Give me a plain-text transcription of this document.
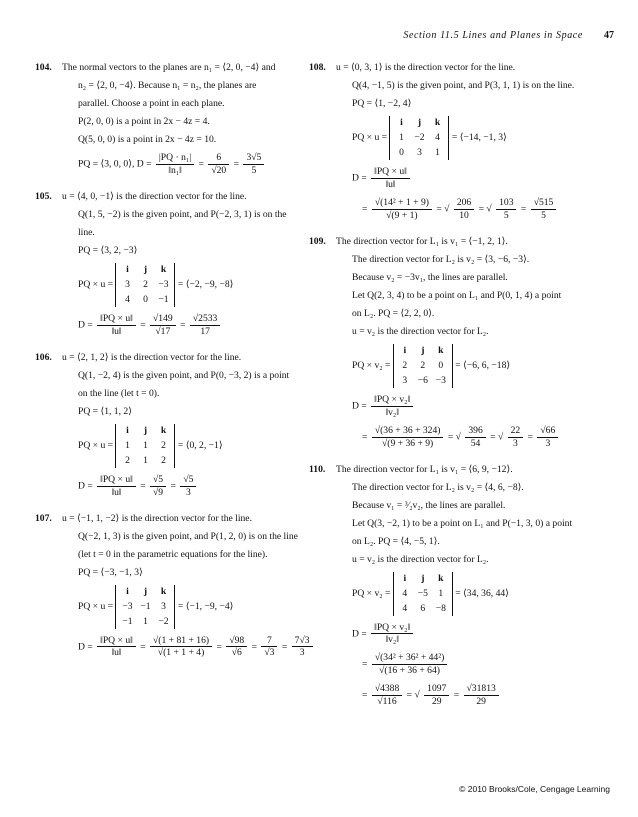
Section 11.5 Lines and Planes in Space 47
104. The normal vectors to the planes are n₁ = ⟨2, 0, −4⟩ and
n₂ = ⟨2, 0, −4⟩. Because n₁ = n₂, the planes are
parallel. Choose a point in each plane.
P(2, 0, 0) is a point in 2x − 4z = 4.
Q(5, 0, 0) is a point in 2x − 4z = 10.
PQ = ⟨3, 0, 0⟩, $D = \frac{\text{|PQ · n₁|}}{\text{‖n₁‖}} = \frac{6}{√20} = \frac{3√5}{5}$
105. u = ⟨4, 0, −1⟩ is the direction vector for the line.
Q(1, 5, −2) is the given point, and P(−2, 3, 1) is on the
line.
PQ = ⟨3, 2, −3⟩
PQ × u =
i	j	k
3	2	−3
4	0	−1
= ⟨−2, −9, −8⟩
$D = \frac{‖PQ \times u‖}{‖u‖} = \frac{√149}{√17} = \frac{√2533}{17}$
106. u = ⟨2, 1, 2⟩ is the direction vector for the line.
Q(1, −2, 4) is the given point, and P(0, −3, 2) is a point
on the line (let t = 0).
PQ = ⟨1, 1, 2⟩
PQ × u =
i	j	k
1	1	2
2	1	2
= ⟨0, 2, −1⟩
$D = \frac{‖PQ \times u‖}{‖u‖} = \frac{√5}{√9} = \frac{√5}{3}$
107. u = ⟨−1, 1, −2⟩ is the direction vector for the line.
Q(−2, 1, 3) is the given point, and P(1, 2, 0) is on the line
(let t = 0 in the parametric equations for the line).
PQ = ⟨−3, −1, 3⟩
PQ × u =
i	j	k
−3 −1	3
−1	1	−2
= ⟨−1, −9, −4⟩
$D = \frac{‖PQ \times u‖}{‖u‖} = \frac{√(1 + 81 + 16)}{√(1 + 1 + 4)} = \frac{√98}{√6} = \frac{7}{√3} = \frac{7√3}{3}$
108. u = ⟨0, 3, 1⟩ is the direction vector for the line.
Q(4, −1, 5) is the given point, and P(3, 1, 1) is on the line.
PQ = ⟨1, −2, 4⟩
PQ × u =
i	j	k
1	−2	4
0	3	1
= ⟨−14, −1, 3⟩
$D = \frac{‖PQ \times u‖}{‖u‖}$
= $\frac{\text{√(14² + 1 + 9)}}{√(9 + 1)}$ = √ $\frac{206}{10}$ = √ $\frac{103}{5} = \frac{√515}{5}$
109. The direction vector for L₁ is v₁ = ⟨−1, 2, 1⟩.
The direction vector for L₂ is v₂ = ⟨3, −6, −3⟩.
Because v₂ = −3v₁, the lines are parallel.
Let Q(2, 3, 4) to be a point on L₁ and P(0, 1, 4) a point
on L₂. PQ = ⟨2, 2, 0⟩.
u = v₂ is the direction vector for L₂.
PQ × v₂ =
i	j	k
2	2	0
3	−6 −3
= ⟨−6, 6, −18⟩
$D = \frac{\text{‖PQ × v₂‖}}{\text{‖v₂‖}}$
= $\frac{√(36 + 36 + 324)}{√(9 + 36 + 9)}$ = √ $\frac{396}{54}$ = √ $\frac{22}{3} = \frac{√66}{3}$
110. The direction vector for L₁ is v₁ = ⟨6, 9, −12⟩.
The direction vector for L₂ is v₂ = ⟨4, 6, −8⟩.
Because v₁ = ³⁄₂v₂, the lines are parallel.
Let Q(3, −2, 1) to be a point on L₁ and P(−1, 3, 0) a point
on L₂. PQ = ⟨4, −5, 1⟩.
u = v₂ is the direction vector for L₂.
PQ × v₂ =
i	j	k
4	−5	1
4	6	−8
= ⟨34, 36, 44⟩
$D = \frac{\text{‖PQ × v₂‖}}{\text{‖v₂‖}}$
= $\frac{\text{√(34² + 36² + 44²)}}{√(16 + 36 + 64)}$
= $\frac{√4388}{√116}$ = √ $\frac{1097}{29} = \frac{√31813}{29}$
© 2010 Brooks/Cole, Cengage Learning
